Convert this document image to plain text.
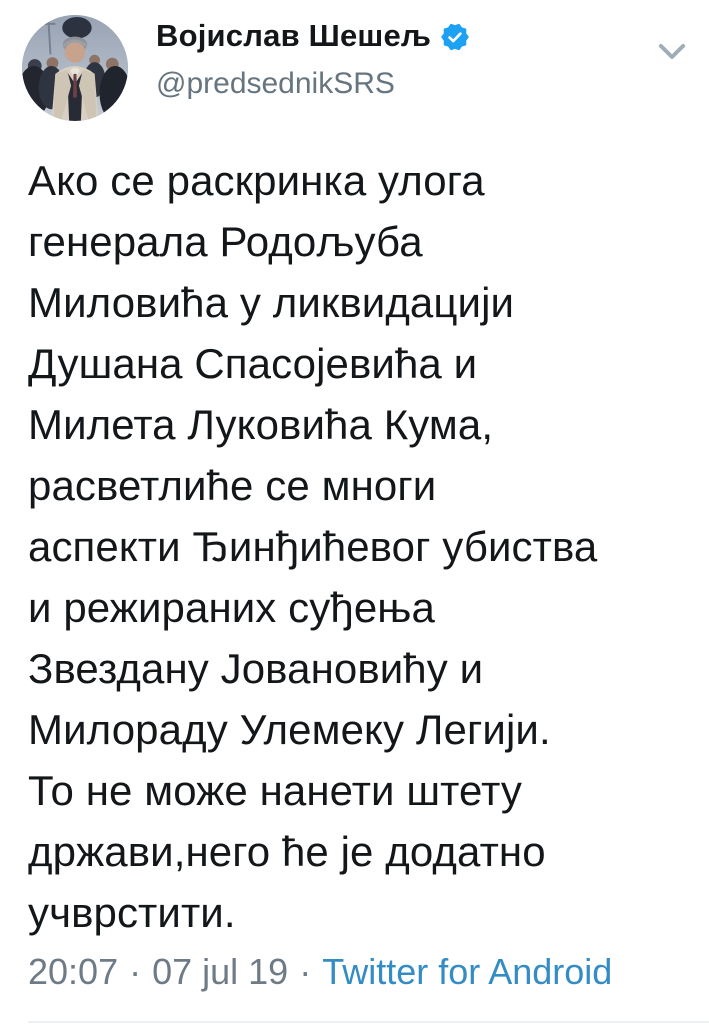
Војислав Шешељ
@predsednikSRS
Ако се раскринка улога
генерала Родољуба
Миловића у ликвидацији
Душана Спасојевића и
Милета Луковића Кума,
расветлиће се многи
аспекти Ђинђићевог убиства
и режираних суђења
Звездану Јовановићу и
Милораду Улемеку Легији.
То не може нанети штету
држави,него ће је додатно
учврстити.
20:07 · 07 jul 19 · Twitter for Android
